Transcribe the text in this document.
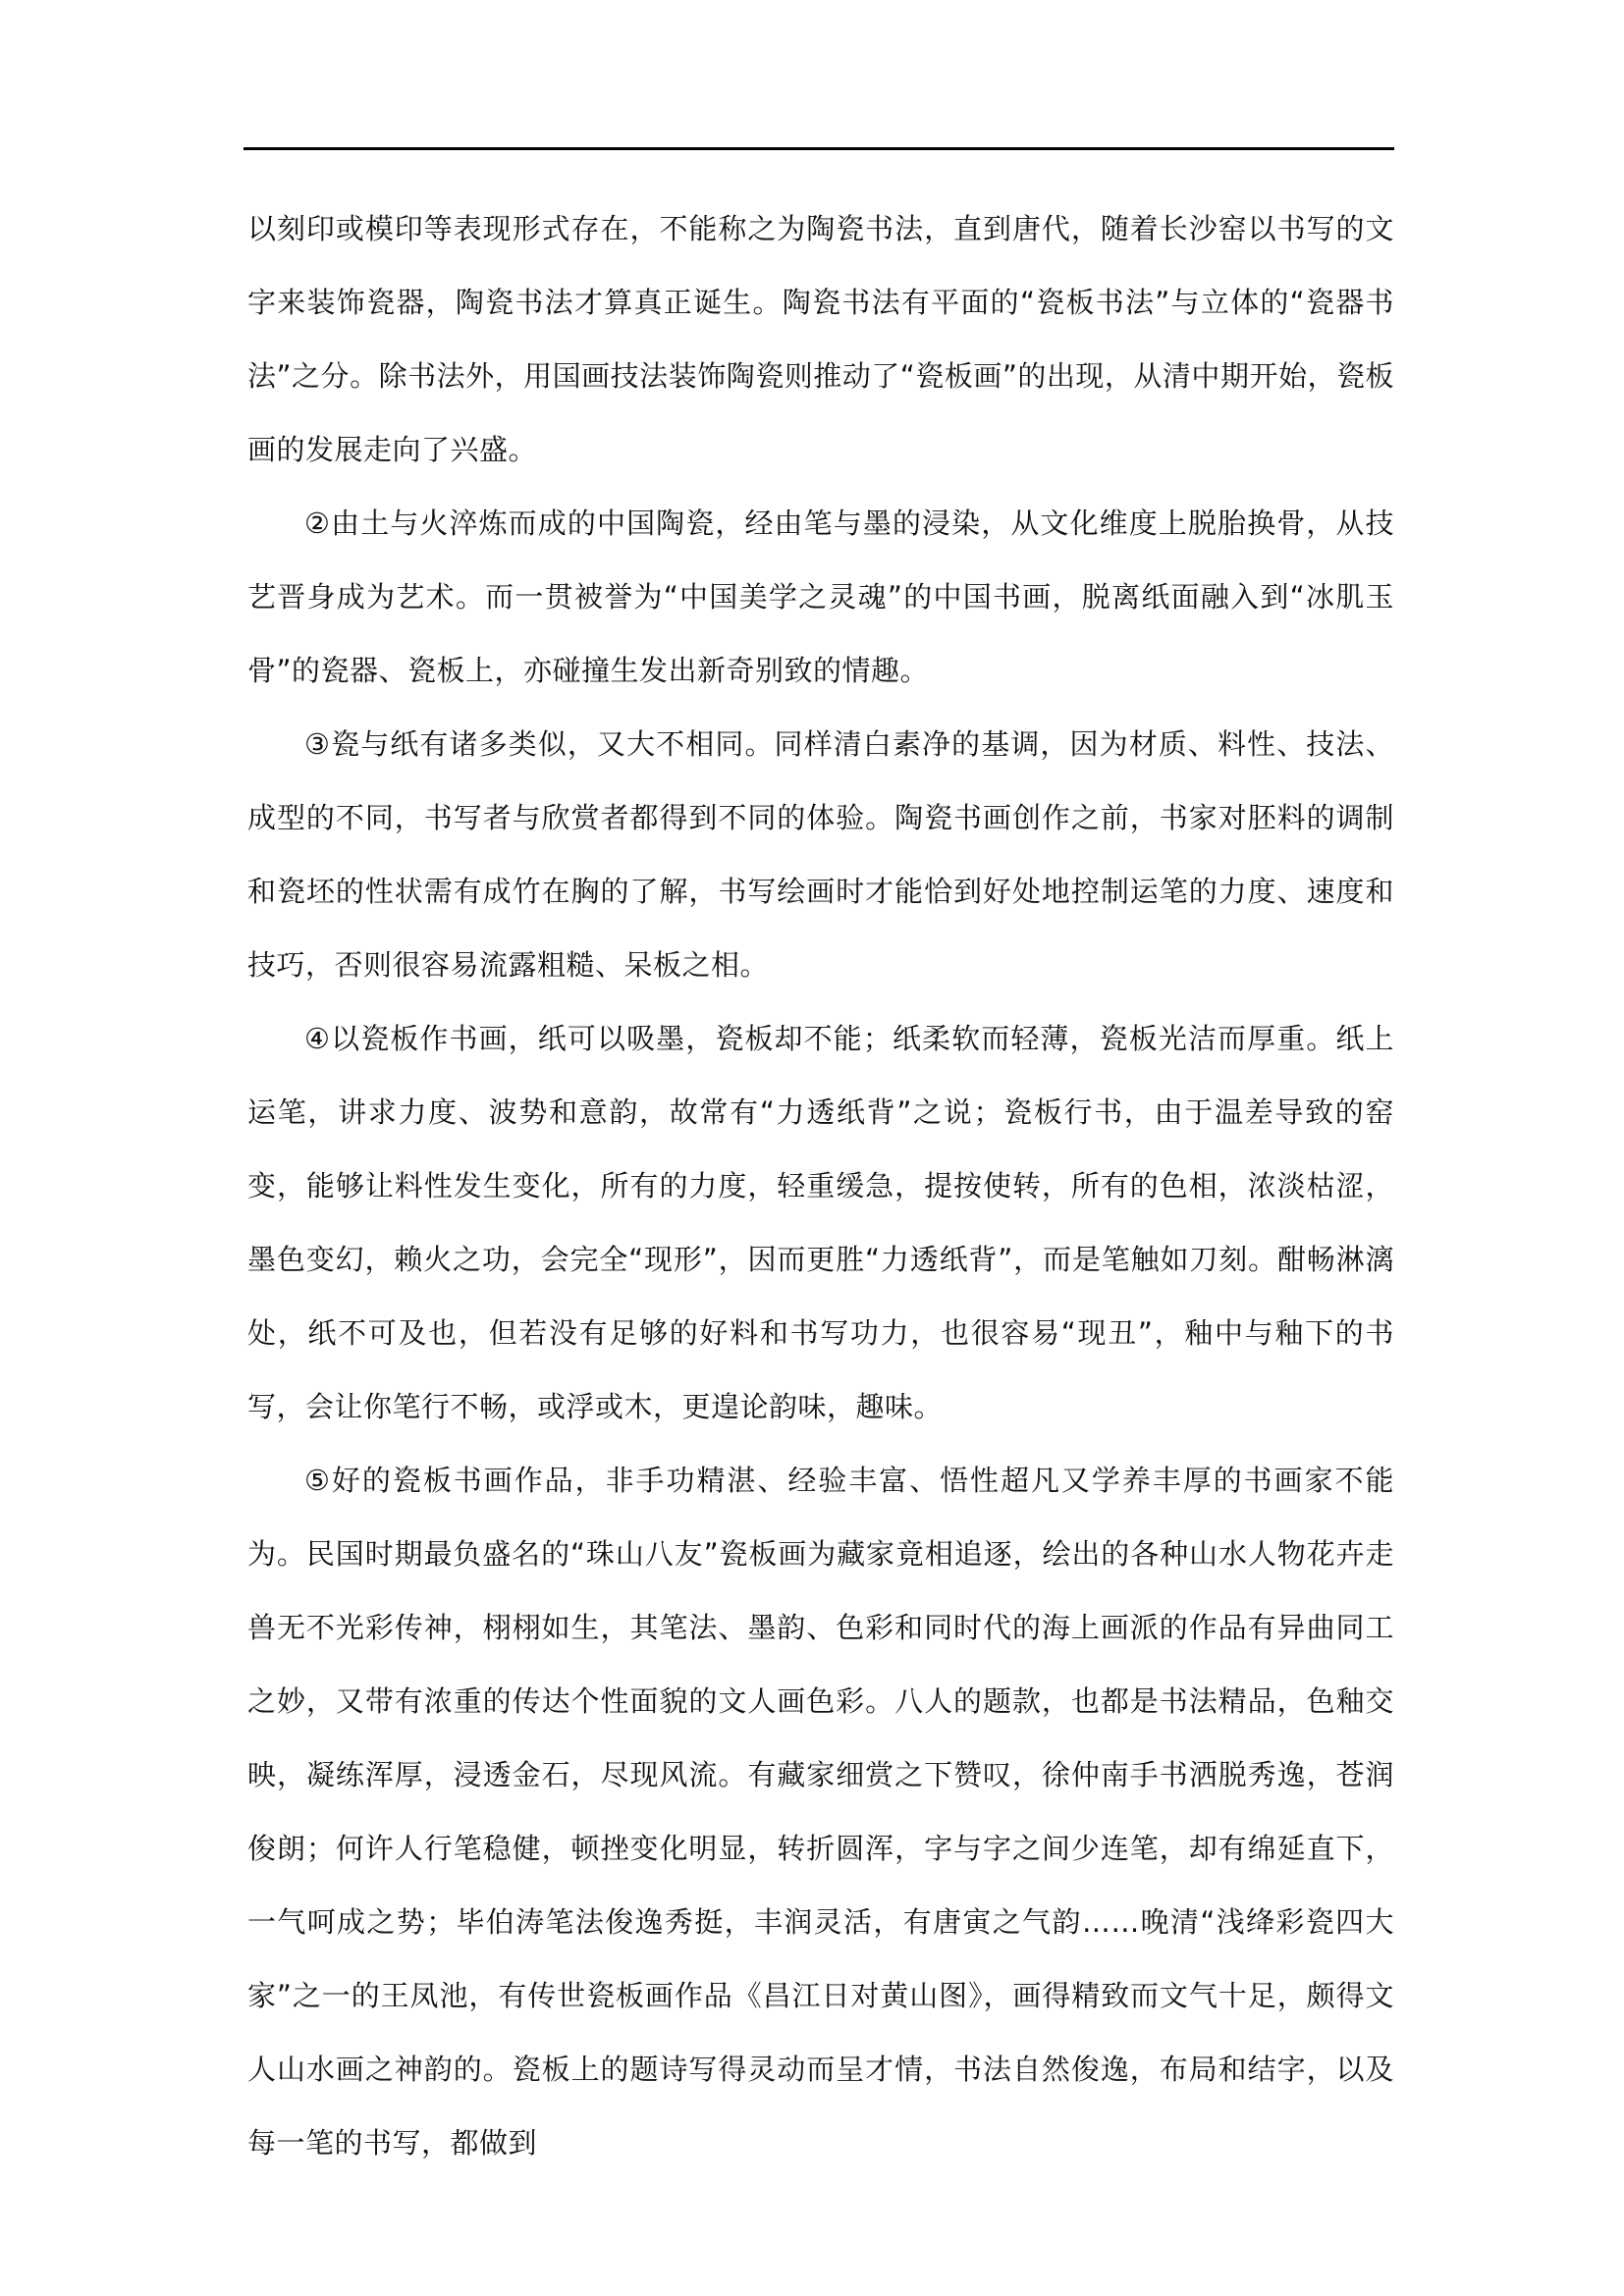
以刻印或模印等表现形式存在，不能称之为陶瓷书法，直到唐代，随着长沙窑以书写的文字来装饰瓷器，陶瓷书法才算真正诞生。陶瓷书法有平面的“瓷板书法”与立体的“瓷器书法”之分。除书法外，用国画技法装饰陶瓷则推动了“瓷板画”的出现，从清中期开始，瓷板画的发展走向了兴盛。

②由土与火淬炼而成的中国陶瓷，经由笔与墨的浸染，从文化维度上脱胎换骨，从技艺晋身成为艺术。而一贯被誉为“中国美学之灵魂”的中国书画，脱离纸面融入到“冰肌玉骨”的瓷器、瓷板上，亦碰撞生发出新奇别致的情趣。

③瓷与纸有诸多类似，又大不相同。同样清白素净的基调，因为材质、料性、技法、成型的不同，书写者与欣赏者都得到不同的体验。陶瓷书画创作之前，书家对胚料的调制和瓷坯的性状需有成竹在胸的了解，书写绘画时才能恰到好处地控制运笔的力度、速度和技巧，否则很容易流露粗糙、呆板之相。

④以瓷板作书画，纸可以吸墨，瓷板却不能；纸柔软而轻薄，瓷板光洁而厚重。纸上运笔，讲求力度、波势和意韵，故常有“力透纸背”之说；瓷板行书，由于温差导致的窑变，能够让料性发生变化，所有的力度，轻重缓急，提按使转，所有的色相，浓淡枯涩，墨色变幻，赖火之功，会完全“现形”，因而更胜“力透纸背”，而是笔触如刀刻。酣畅淋漓处，纸不可及也，但若没有足够的好料和书写功力，也很容易“现丑”，釉中与釉下的书写，会让你笔行不畅，或浮或木，更遑论韵味，趣味。

⑤好的瓷板书画作品，非手功精湛、经验丰富、悟性超凡又学养丰厚的书画家不能为。民国时期最负盛名的“珠山八友”瓷板画为藏家竟相追逐，绘出的各种山水人物花卉走兽无不光彩传神，栩栩如生，其笔法、墨韵、色彩和同时代的海上画派的作品有异曲同工之妙，又带有浓重的传达个性面貌的文人画色彩。八人的题款，也都是书法精品，色釉交映，凝练浑厚，浸透金石，尽现风流。有藏家细赏之下赞叹，徐仲南手书洒脱秀逸，苍润俊朗；何许人行笔稳健，顿挫变化明显，转折圆浑，字与字之间少连笔，却有绵延直下，一气呵成之势；毕伯涛笔法俊逸秀挺，丰润灵活，有唐寅之气韵……晚清“浅绛彩瓷四大家”之一的王凤池，有传世瓷板画作品《昌江日对黄山图》，画得精致而文气十足，颇得文人山水画之神韵的。瓷板上的题诗写得灵动而呈才情，书法自然俊逸，布局和结字，以及每一笔的书写，都做到
